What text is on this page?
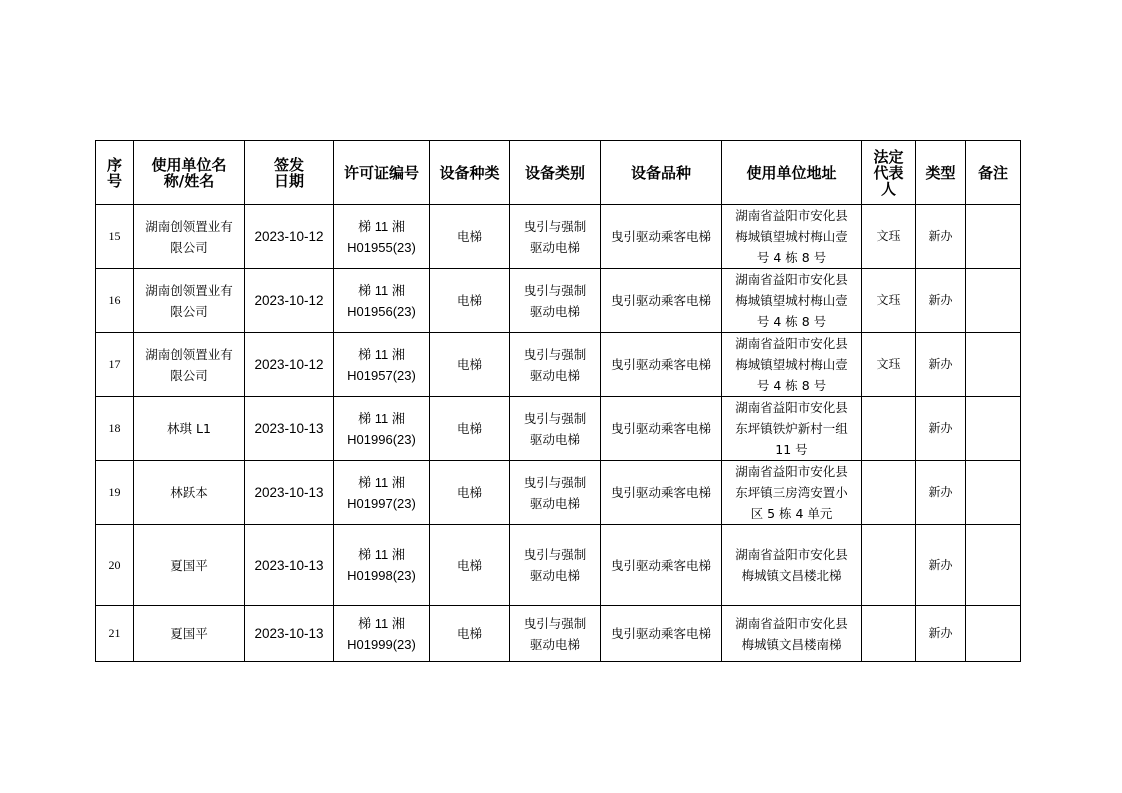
序
号	使用单位名
称/姓名	签发
日期	许可证编号	设备种类	设备类别	设备品种	使用单位地址	法定
代表
人	类型	备注

15	湖南创领置业有
限公司	2023-10-12	梯 11 湘
H01955(23)	电梯	曳引与强制
驱动电梯	曳引驱动乘客电梯	湖南省益阳市安化县
梅城镇望城村梅山壹
号 4 栋 8 号	文珏	新办	

16	湖南创领置业有
限公司	2023-10-12	梯 11 湘
H01956(23)	电梯	曳引与强制
驱动电梯	曳引驱动乘客电梯	湖南省益阳市安化县
梅城镇望城村梅山壹
号 4 栋 8 号	文珏	新办	

17	湖南创领置业有
限公司	2023-10-12	梯 11 湘
H01957(23)	电梯	曳引与强制
驱动电梯	曳引驱动乘客电梯	湖南省益阳市安化县
梅城镇望城村梅山壹
号 4 栋 8 号	文珏	新办	

18	林琪 L1	2023-10-13	梯 11 湘
H01996(23)	电梯	曳引与强制
驱动电梯	曳引驱动乘客电梯	湖南省益阳市安化县
东坪镇铁炉新村一组
11 号		新办	

19	林跃本	2023-10-13	梯 11 湘
H01997(23)	电梯	曳引与强制
驱动电梯	曳引驱动乘客电梯	湖南省益阳市安化县
东坪镇三房湾安置小
区 5 栋 4 单元		新办	

20	夏国平	2023-10-13	梯 11 湘
H01998(23)	电梯	曳引与强制
驱动电梯	曳引驱动乘客电梯	湖南省益阳市安化县
梅城镇文昌楼北梯		新办	

21	夏国平	2023-10-13	梯 11 湘
H01999(23)	电梯	曳引与强制
驱动电梯	曳引驱动乘客电梯	湖南省益阳市安化县
梅城镇文昌楼南梯		新办	
